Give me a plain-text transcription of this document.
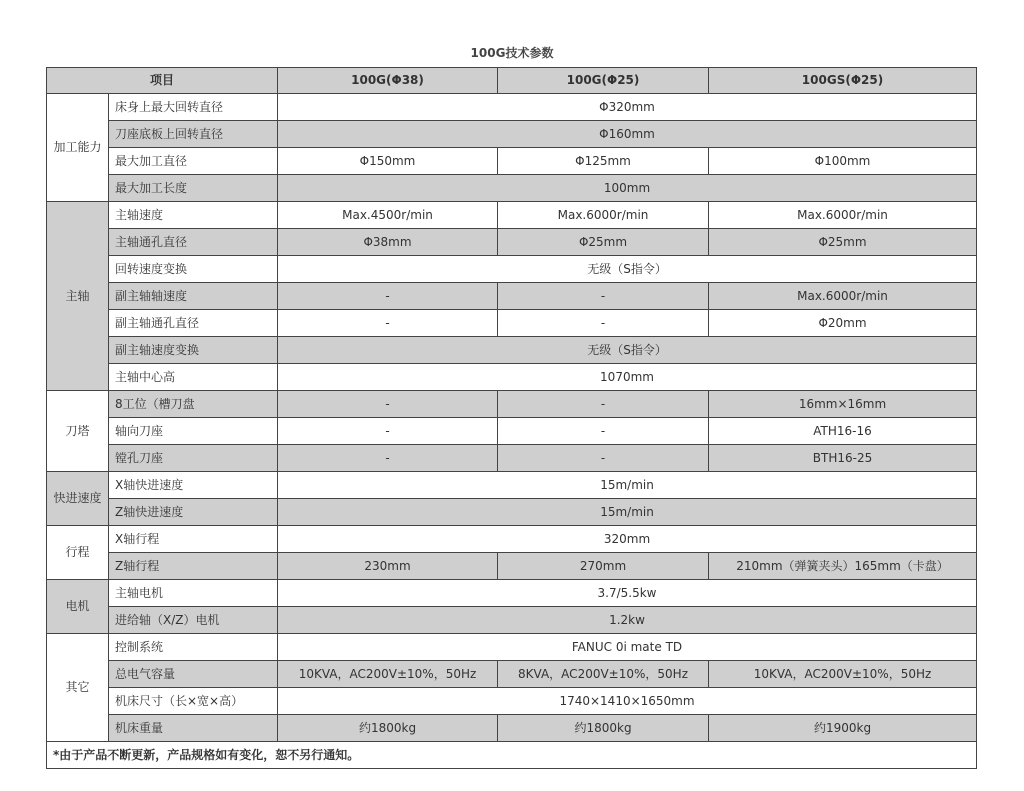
100G技术参数
项目		100G(Φ38)	100G(Φ25)	100GS(Φ25)
加工能力	床身上最大回转直径	Φ320mm		
	刀座底板上回转直径	Φ160mm		
	最大加工直径	Φ150mm	Φ125mm	Φ100mm
	最大加工长度	100mm		
主轴	主轴速度	Max.4500r/min	Max.6000r/min	Max.6000r/min
	主轴通孔直径	Φ38mm	Φ25mm	Φ25mm
	回转速度变换	无级（S指令）		
	副主轴轴速度	-	-	Max.6000r/min
	副主轴通孔直径	-	-	Φ20mm
	副主轴速度变换	无级（S指令）		
	主轴中心高	1070mm		
刀塔	8工位（槽刀盘	-	-	16mm×16mm
	轴向刀座	-	-	ATH16-16
	镗孔刀座	-	-	BTH16-25
快进速度	X轴快进速度	15m/min		
	Z轴快进速度	15m/min		
行程	X轴行程	320mm		
	Z轴行程	230mm	270mm	210mm（弹簧夹头）165mm（卡盘）
电机	主轴电机	3.7/5.5kw		
	进给轴（X/Z）电机	1.2kw		
其它	控制系统	FANUC 0i mate TD		
	总电气容量	10KVA，AC200V±10%，50Hz	8KVA，AC200V±10%，50Hz	10KVA，AC200V±10%，50Hz
	机床尺寸（长×宽×高）	1740×1410×1650mm		
	机床重量	约1800kg	约1800kg	约1900kg
*由于产品不断更新，产品规格如有变化，恕不另行通知。				
